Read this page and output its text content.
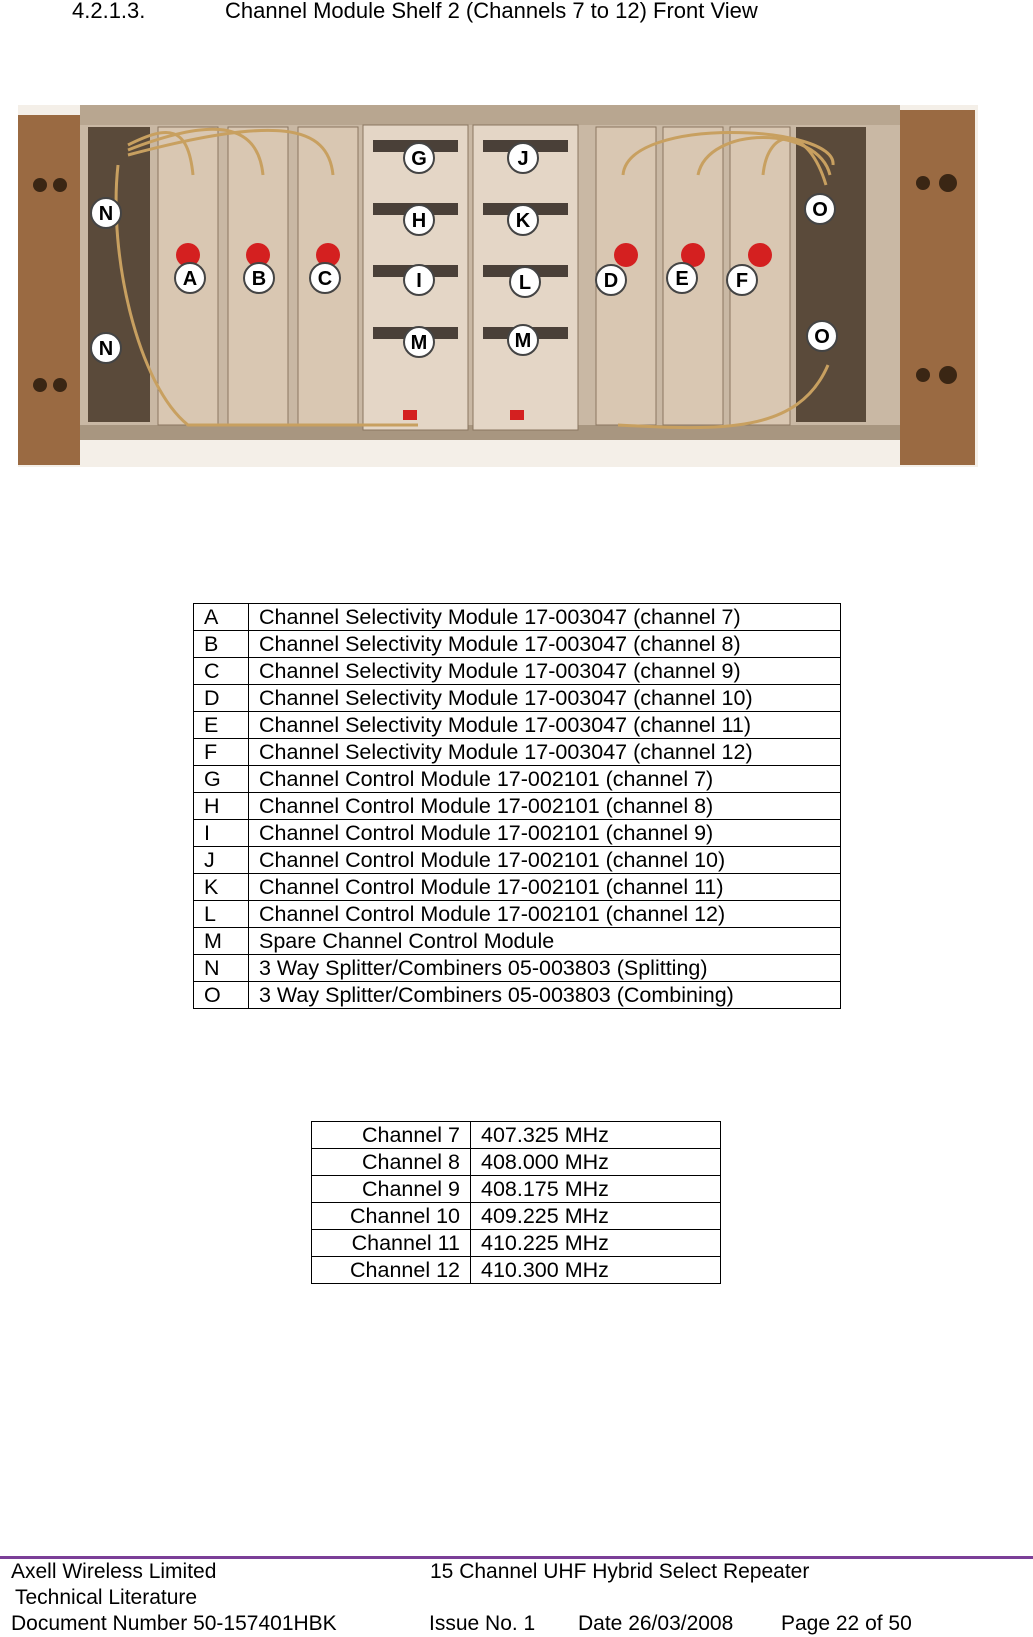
4.2.1.3.	Channel Module Shelf 2 (Channels 7 to 12) Front View
N
N
A	B	C
G
H
I
M
J
K
L
M
D	E F
O
O
A	Channel Selectivity Module 17-003047 (channel 7)
B	Channel Selectivity Module 17-003047 (channel 8)
C	Channel Selectivity Module 17-003047 (channel 9)
D	Channel Selectivity Module 17-003047 (channel 10)
E	Channel Selectivity Module 17-003047 (channel 11)
F	Channel Selectivity Module 17-003047 (channel 12)
G	Channel Control Module 17-002101 (channel 7)
H	Channel Control Module 17-002101 (channel 8)
I	Channel Control Module 17-002101 (channel 9)
J	Channel Control Module 17-002101 (channel 10)
K	Channel Control Module 17-002101 (channel 11)
L	Channel Control Module 17-002101 (channel 12)
M	Spare Channel Control Module
N	3 Way Splitter/Combiners 05-003803 (Splitting)
O	3 Way Splitter/Combiners 05-003803 (Combining)
Channel 7	407.325 MHz
Channel 8	408.000 MHz
Channel 9	408.175 MHz
Channel 10	409.225 MHz
Channel 11	410.225 MHz
Channel 12	410.300 MHz
Axell Wireless Limited	15 Channel UHF Hybrid Select Repeater
Technical Literature
Document Number 50-157401HBK	Issue No. 1 Date 26/03/2008 Page 22 of 50
